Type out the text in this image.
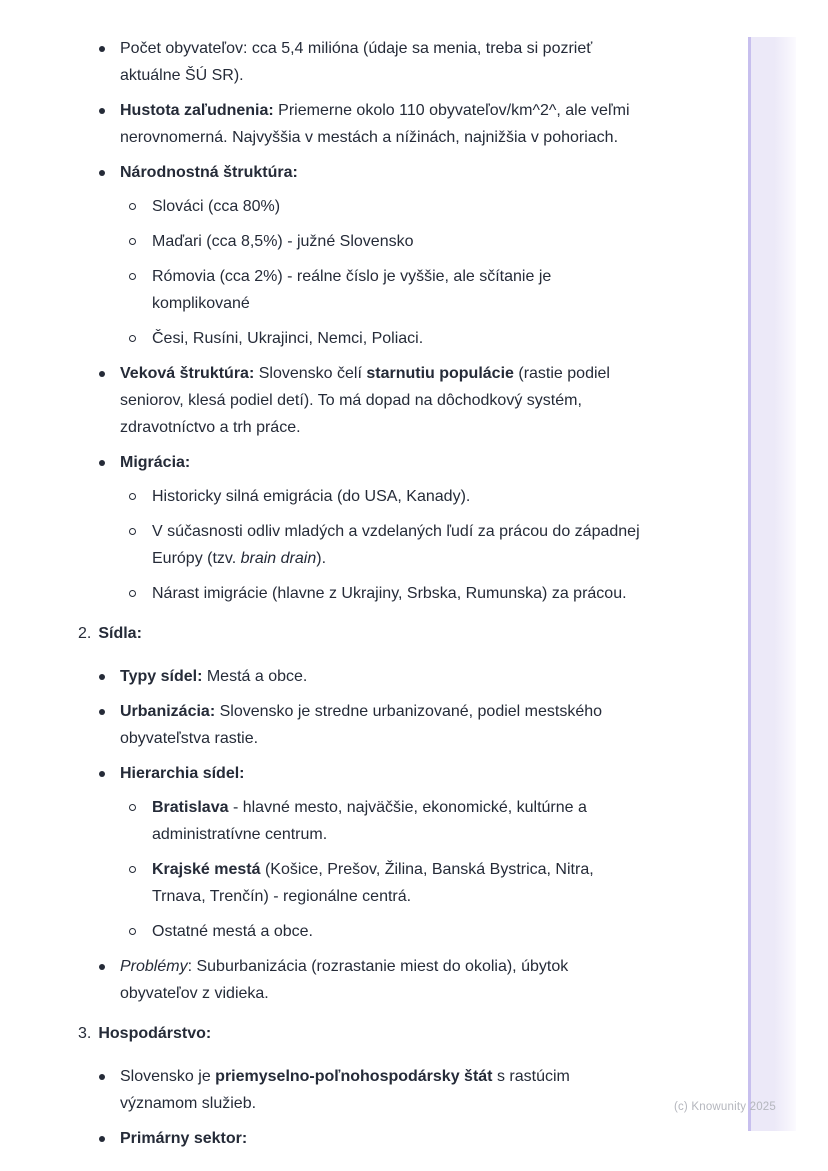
Počet obyvateľov: cca 5,4 milióna (údaje sa menia, treba si pozrieť
aktuálne ŠÚ SR).
Hustota zaľudnenia: Priemerne okolo 110 obyvateľov/km^2^, ale veľmi
nerovnomerná. Najvyššia v mestách a nížinách, najnižšia v pohoriach.
Národnostná štruktúra:
Slováci (cca 80%)
Maďari (cca 8,5%) - južné Slovensko
Rómovia (cca 2%) - reálne číslo je vyššie, ale sčítanie je
komplikované
Česi, Rusíni, Ukrajinci, Nemci, Poliaci.
Veková štruktúra: Slovensko čelí starnutiu populácie (rastie podiel
seniorov, klesá podiel detí). To má dopad na dôchodkový systém,
zdravotníctvo a trh práce.
Migrácia:
Historicky silná emigrácia (do USA, Kanady).
V súčasnosti odliv mladých a vzdelaných ľudí za prácou do západnej
Európy (tzv. brain drain).
Nárast imigrácie (hlavne z Ukrajiny, Srbska, Rumunska) za prácou.
2. Sídla:
Typy sídel: Mestá a obce.
Urbanizácia: Slovensko je stredne urbanizované, podiel mestského
obyvateľstva rastie.
Hierarchia sídel:
Bratislava - hlavné mesto, najväčšie, ekonomické, kultúrne a
administratívne centrum.
Krajské mestá (Košice, Prešov, Žilina, Banská Bystrica, Nitra,
Trnava, Trenčín) - regionálne centrá.
Ostatné mestá a obce.
Problémy: Suburbanizácia (rozrastanie miest do okolia), úbytok
obyvateľov z vidieka.
3. Hospodárstvo:
Slovensko je priemyselno-poľnohospodársky štát s rastúcim
významom služieb.
Primárny sektor:
(c) Knowunity 2025
